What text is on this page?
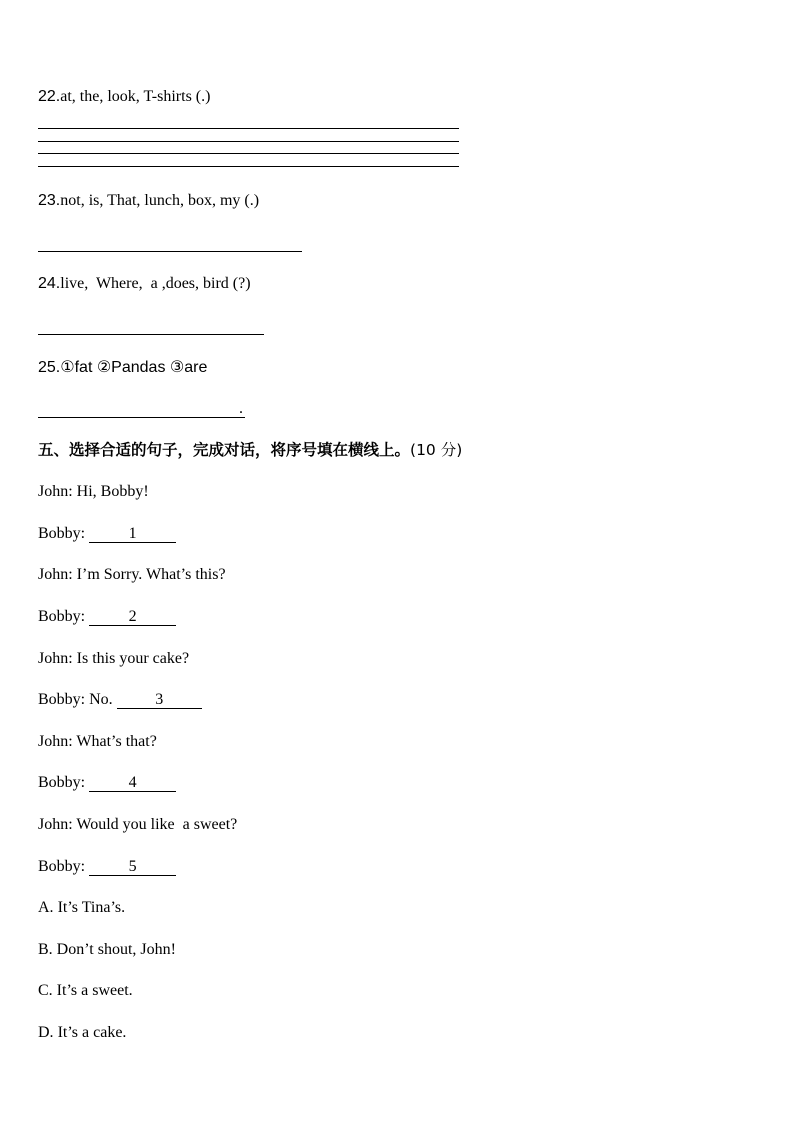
22.at, the, look, T-shirts (.)
23.not, is, That, lunch, box, my (.)
24.live,  Where,  a ,does, bird (?)
25.①fat ②Pandas ③are
.
五、选择合适的句子，完成对话，将序号填在横线上。(10 分)
John: Hi, Bobby!
Bobby:	1
John: I’m Sorry. What’s this?
Bobby:	2
John: Is this your cake?
Bobby: No.	3
John: What’s that?
Bobby:	4
John: Would you like  a sweet?
Bobby:	5
A. It’s Tina’s.
B. Don’t shout, John!
C. It’s a sweet.
D. It’s a cake.
